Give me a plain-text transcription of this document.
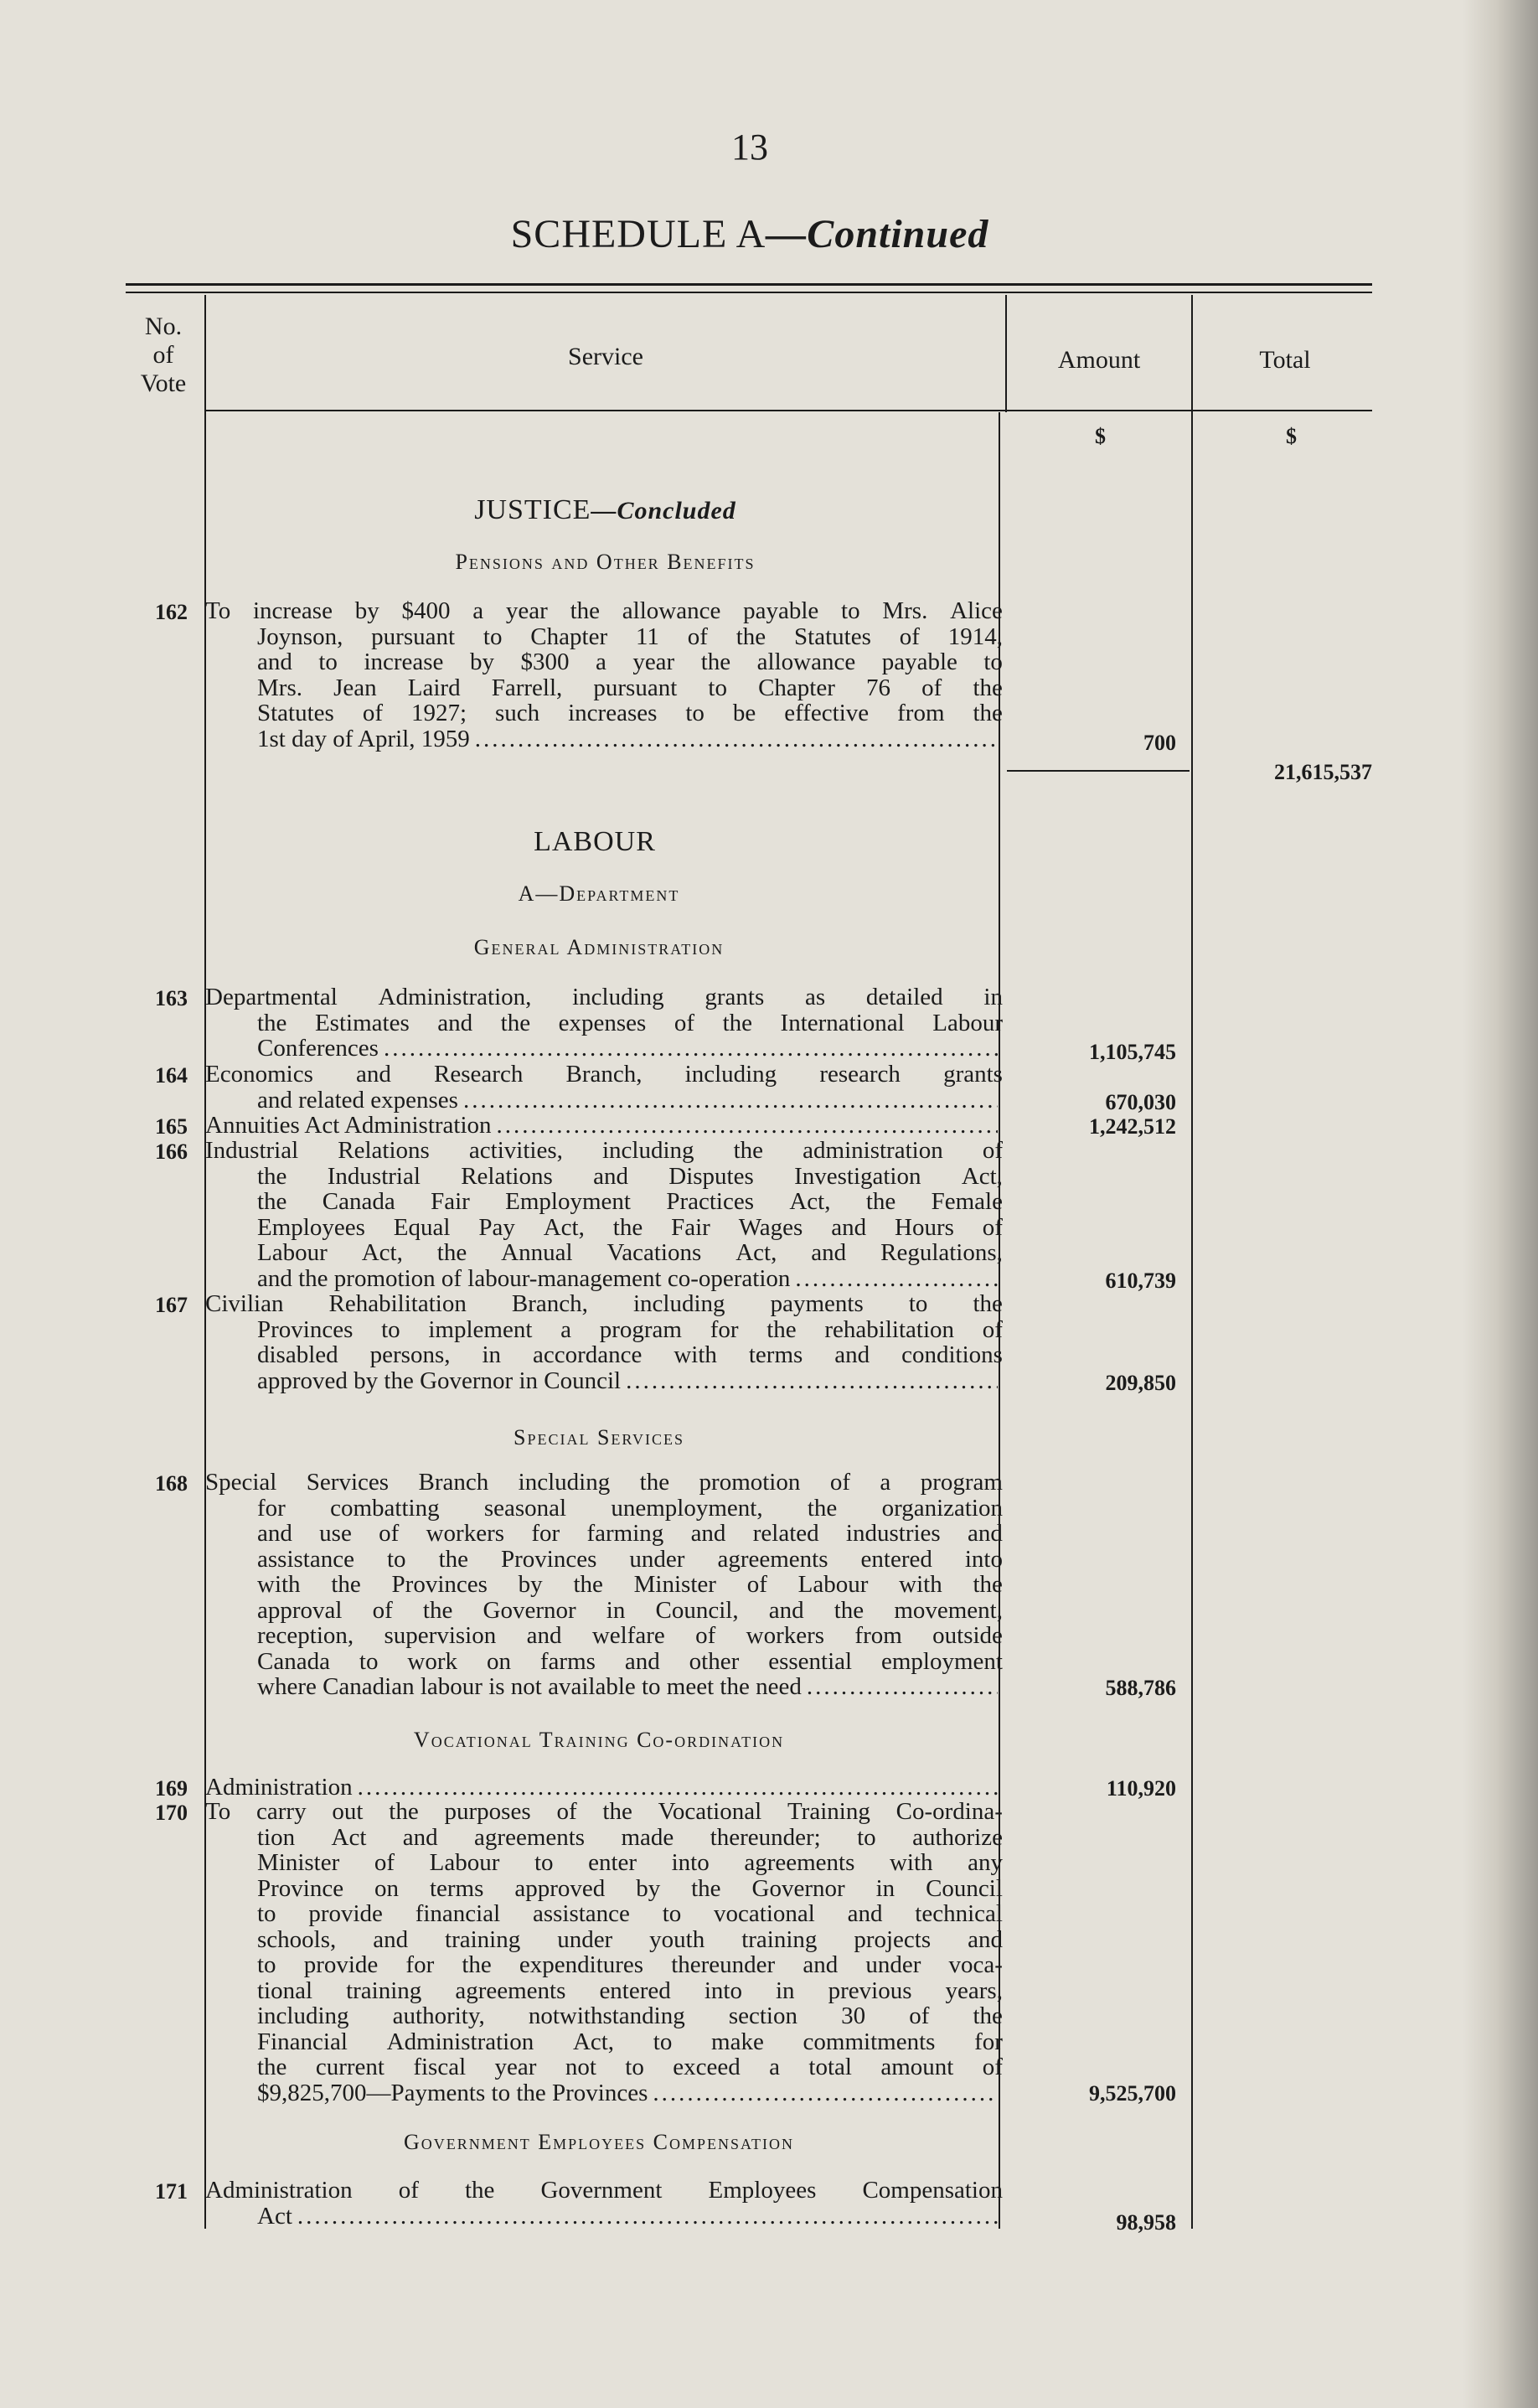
13
SCHEDULE A—Continued
No.
of
Vote
Service	Amount	Total
$	$
JUSTICE—Concluded
Pensions and Other Benefits
162 To increase by $400 a year the allowance payable to Mrs. Alice
Joynson, pursuant to Chapter 11 of the Statutes of 1914,
and to increase by $300 a year the allowance payable to
Mrs. Jean Laird Farrell, pursuant to Chapter 76 of the
Statutes of 1927; such increases to be effective from the
1st day of April, 1959 .....	700
21,615,537
LABOUR
A—Department
General Administration
163 Departmental Administration, including grants as detailed in
the Estimates and the expenses of the International Labour
Conferences .....	1,105,745
164 Economics and Research Branch, including research grants
and related expenses .....	670,030
165 Annuities Act Administration .....	1,242,512
166 Industrial Relations activities, including the administration of
the Industrial Relations and Disputes Investigation Act,
the Canada Fair Employment Practices Act, the Female
Employees Equal Pay Act, the Fair Wages and Hours of
Labour Act, the Annual Vacations Act, and Regulations,
and the promotion of labour-management co-operation .....	610,739
167 Civilian Rehabilitation Branch, including payments to the
Provinces to implement a program for the rehabilitation of
disabled persons, in accordance with terms and conditions
approved by the Governor in Council .....	209,850
Special Services
168 Special Services Branch including the promotion of a program
for combatting seasonal unemployment, the organization
and use of workers for farming and related industries and
assistance to the Provinces under agreements entered into
with the Provinces by the Minister of Labour with the
approval of the Governor in Council, and the movement,
reception, supervision and welfare of workers from outside
Canada to work on farms and other essential employment
where Canadian labour is not available to meet the need .....	588,786
Vocational Training Co-ordination
169 Administration .....	110,920
170 To carry out the purposes of the Vocational Training Co-ordina-
tion Act and agreements made thereunder; to authorize
Minister of Labour to enter into agreements with any
Province on terms approved by the Governor in Council
to provide financial assistance to vocational and technical
schools, and training under youth training projects and
to provide for the expenditures thereunder and under voca-
tional training agreements entered into in previous years,
including authority, notwithstanding section 30 of the
Financial Administration Act, to make commitments for
the current fiscal year not to exceed a total amount of
$9,825,700—Payments to the Provinces .....	9,525,700
Government Employees Compensation
171 Administration of the Government Employees Compensation
Act .....	98,958
